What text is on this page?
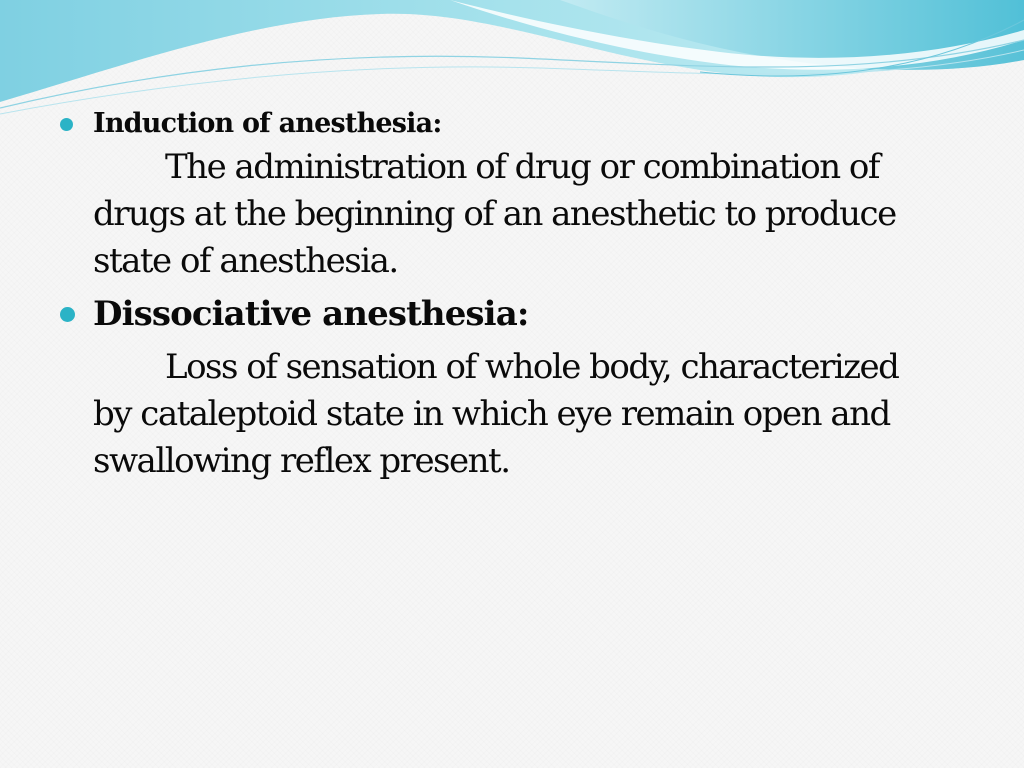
Induction of anesthesia:
The administration of drug or combination of
drugs at the beginning of an anesthetic to produce
state of anesthesia.
Dissociative anesthesia:
Loss of sensation of whole body, characterized
by cataleptoid state in which eye remain open and
swallowing reflex present.
